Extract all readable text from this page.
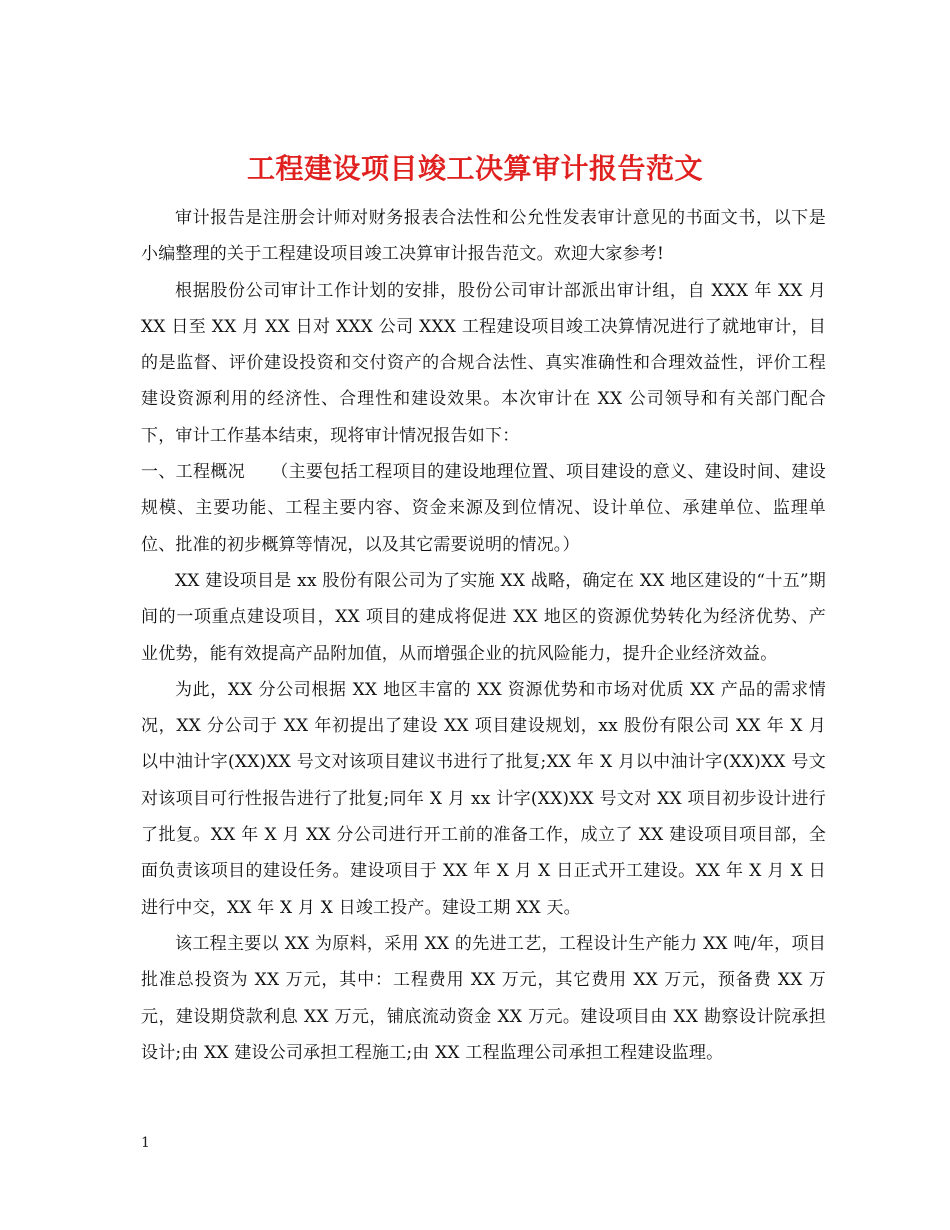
工程建设项目竣工决算审计报告范文

审计报告是注册会计师对财务报表合法性和公允性发表审计意见的书面文书，以下是小编整理的关于工程建设项目竣工决算审计报告范文。欢迎大家参考!

根据股份公司审计工作计划的安排，股份公司审计部派出审计组，自 XXX 年 XX 月 XX 日至 XX 月 XX 日对 XXX 公司 XXX 工程建设项目竣工决算情况进行了就地审计，目的是监督、评价建设投资和交付资产的合规合法性、真实准确性和合理效益性，评价工程建设资源利用的经济性、合理性和建设效果。本次审计在 XX 公司领导和有关部门配合下，审计工作基本结束，现将审计情况报告如下：

一、工程概况　　（主要包括工程项目的建设地理位置、项目建设的意义、建设时间、建设规模、主要功能、工程主要内容、资金来源及到位情况、设计单位、承建单位、监理单位、批准的初步概算等情况，以及其它需要说明的情况。）

XX 建设项目是 xx 股份有限公司为了实施 XX 战略，确定在 XX 地区建设的“十五”期间的一项重点建设项目，XX 项目的建成将促进 XX 地区的资源优势转化为经济优势、产业优势，能有效提高产品附加值，从而增强企业的抗风险能力，提升企业经济效益。

为此，XX 分公司根据 XX 地区丰富的 XX 资源优势和市场对优质 XX 产品的需求情况，XX 分公司于 XX 年初提出了建设 XX 项目建设规划，xx 股份有限公司 XX 年 X 月以中油计字(XX)XX 号文对该项目建议书进行了批复;XX 年 X 月以中油计字(XX)XX 号文对该项目可行性报告进行了批复;同年 X 月 xx 计字(XX)XX 号文对 XX 项目初步设计进行了批复。XX 年 X 月 XX 分公司进行开工前的准备工作，成立了 XX 建设项目项目部，全面负责该项目的建设任务。建设项目于 XX 年 X 月 X 日正式开工建设。XX 年 X 月 X 日进行中交，XX 年 X 月 X 日竣工投产。建设工期 XX 天。

该工程主要以 XX 为原料，采用 XX 的先进工艺，工程设计生产能力 XX 吨/年，项目批准总投资为 XX 万元，其中：工程费用 XX 万元，其它费用 XX 万元，预备费 XX 万元，建设期贷款利息 XX 万元，铺底流动资金 XX 万元。建设项目由 XX 勘察设计院承担设计;由 XX 建设公司承担工程施工;由 XX 工程监理公司承担工程建设监理。

1
